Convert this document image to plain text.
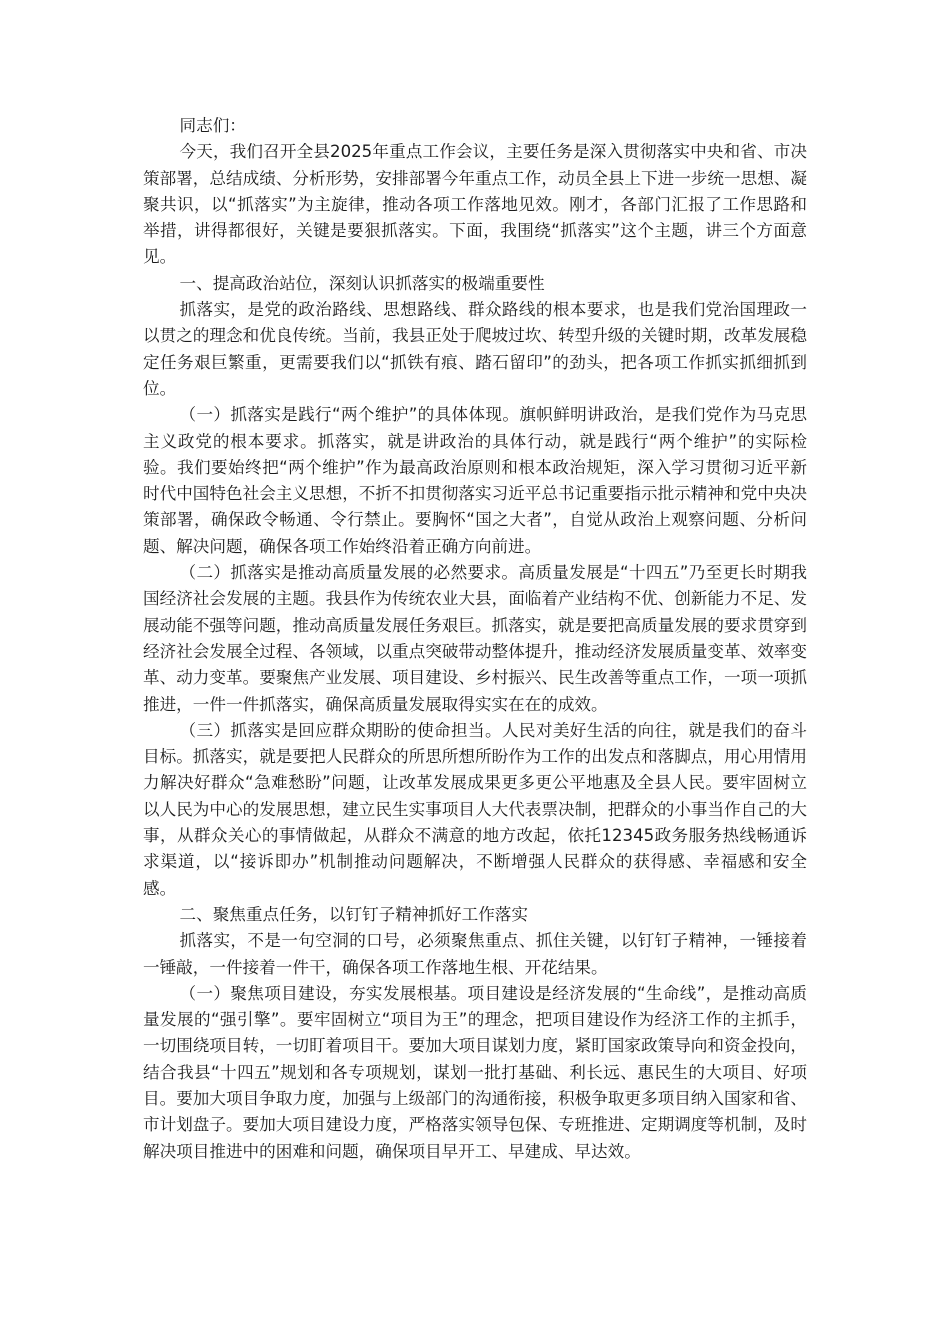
同志们：

今天，我们召开全县2025年重点工作会议，主要任务是深入贯彻落实中央和省、市决策部署，总结成绩、分析形势，安排部署今年重点工作，动员全县上下进一步统一思想、凝聚共识，以“抓落实”为主旋律，推动各项工作落地见效。刚才，各部门汇报了工作思路和举措，讲得都很好，关键是要狠抓落实。下面，我围绕“抓落实”这个主题，讲三个方面意见。

一、提高政治站位，深刻认识抓落实的极端重要性

抓落实，是党的政治路线、思想路线、群众路线的根本要求，也是我们党治国理政一以贯之的理念和优良传统。当前，我县正处于爬坡过坎、转型升级的关键时期，改革发展稳定任务艰巨繁重，更需要我们以“抓铁有痕、踏石留印”的劲头，把各项工作抓实抓细抓到位。

（一）抓落实是践行“两个维护”的具体体现。旗帜鲜明讲政治，是我们党作为马克思主义政党的根本要求。抓落实，就是讲政治的具体行动，就是践行“两个维护”的实际检验。我们要始终把“两个维护”作为最高政治原则和根本政治规矩，深入学习贯彻习近平新时代中国特色社会主义思想，不折不扣贯彻落实习近平总书记重要指示批示精神和党中央决策部署，确保政令畅通、令行禁止。要胸怀“国之大者”，自觉从政治上观察问题、分析问题、解决问题，确保各项工作始终沿着正确方向前进。

（二）抓落实是推动高质量发展的必然要求。高质量发展是“十四五”乃至更长时期我国经济社会发展的主题。我县作为传统农业大县，面临着产业结构不优、创新能力不足、发展动能不强等问题，推动高质量发展任务艰巨。抓落实，就是要把高质量发展的要求贯穿到经济社会发展全过程、各领域，以重点突破带动整体提升，推动经济发展质量变革、效率变革、动力变革。要聚焦产业发展、项目建设、乡村振兴、民生改善等重点工作，一项一项抓推进，一件一件抓落实，确保高质量发展取得实实在在的成效。

（三）抓落实是回应群众期盼的使命担当。人民对美好生活的向往，就是我们的奋斗目标。抓落实，就是要把人民群众的所思所想所盼作为工作的出发点和落脚点，用心用情用力解决好群众“急难愁盼”问题，让改革发展成果更多更公平地惠及全县人民。要牢固树立以人民为中心的发展思想，建立民生实事项目人大代表票决制，把群众的小事当作自己的大事，从群众关心的事情做起，从群众不满意的地方改起，依托12345政务服务热线畅通诉求渠道，以“接诉即办”机制推动问题解决，不断增强人民群众的获得感、幸福感和安全感。

二、聚焦重点任务，以钉钉子精神抓好工作落实

抓落实，不是一句空洞的口号，必须聚焦重点、抓住关键，以钉钉子精神，一锤接着一锤敲，一件接着一件干，确保各项工作落地生根、开花结果。

（一）聚焦项目建设，夯实发展根基。项目建设是经济发展的“生命线”，是推动高质量发展的“强引擎”。要牢固树立“项目为王”的理念，把项目建设作为经济工作的主抓手，一切围绕项目转，一切盯着项目干。要加大项目谋划力度，紧盯国家政策导向和资金投向，结合我县“十四五”规划和各专项规划，谋划一批打基础、利长远、惠民生的大项目、好项目。要加大项目争取力度，加强与上级部门的沟通衔接，积极争取更多项目纳入国家和省、市计划盘子。要加大项目建设力度，严格落实领导包保、专班推进、定期调度等机制，及时解决项目推进中的困难和问题，确保项目早开工、早建成、早达效。
